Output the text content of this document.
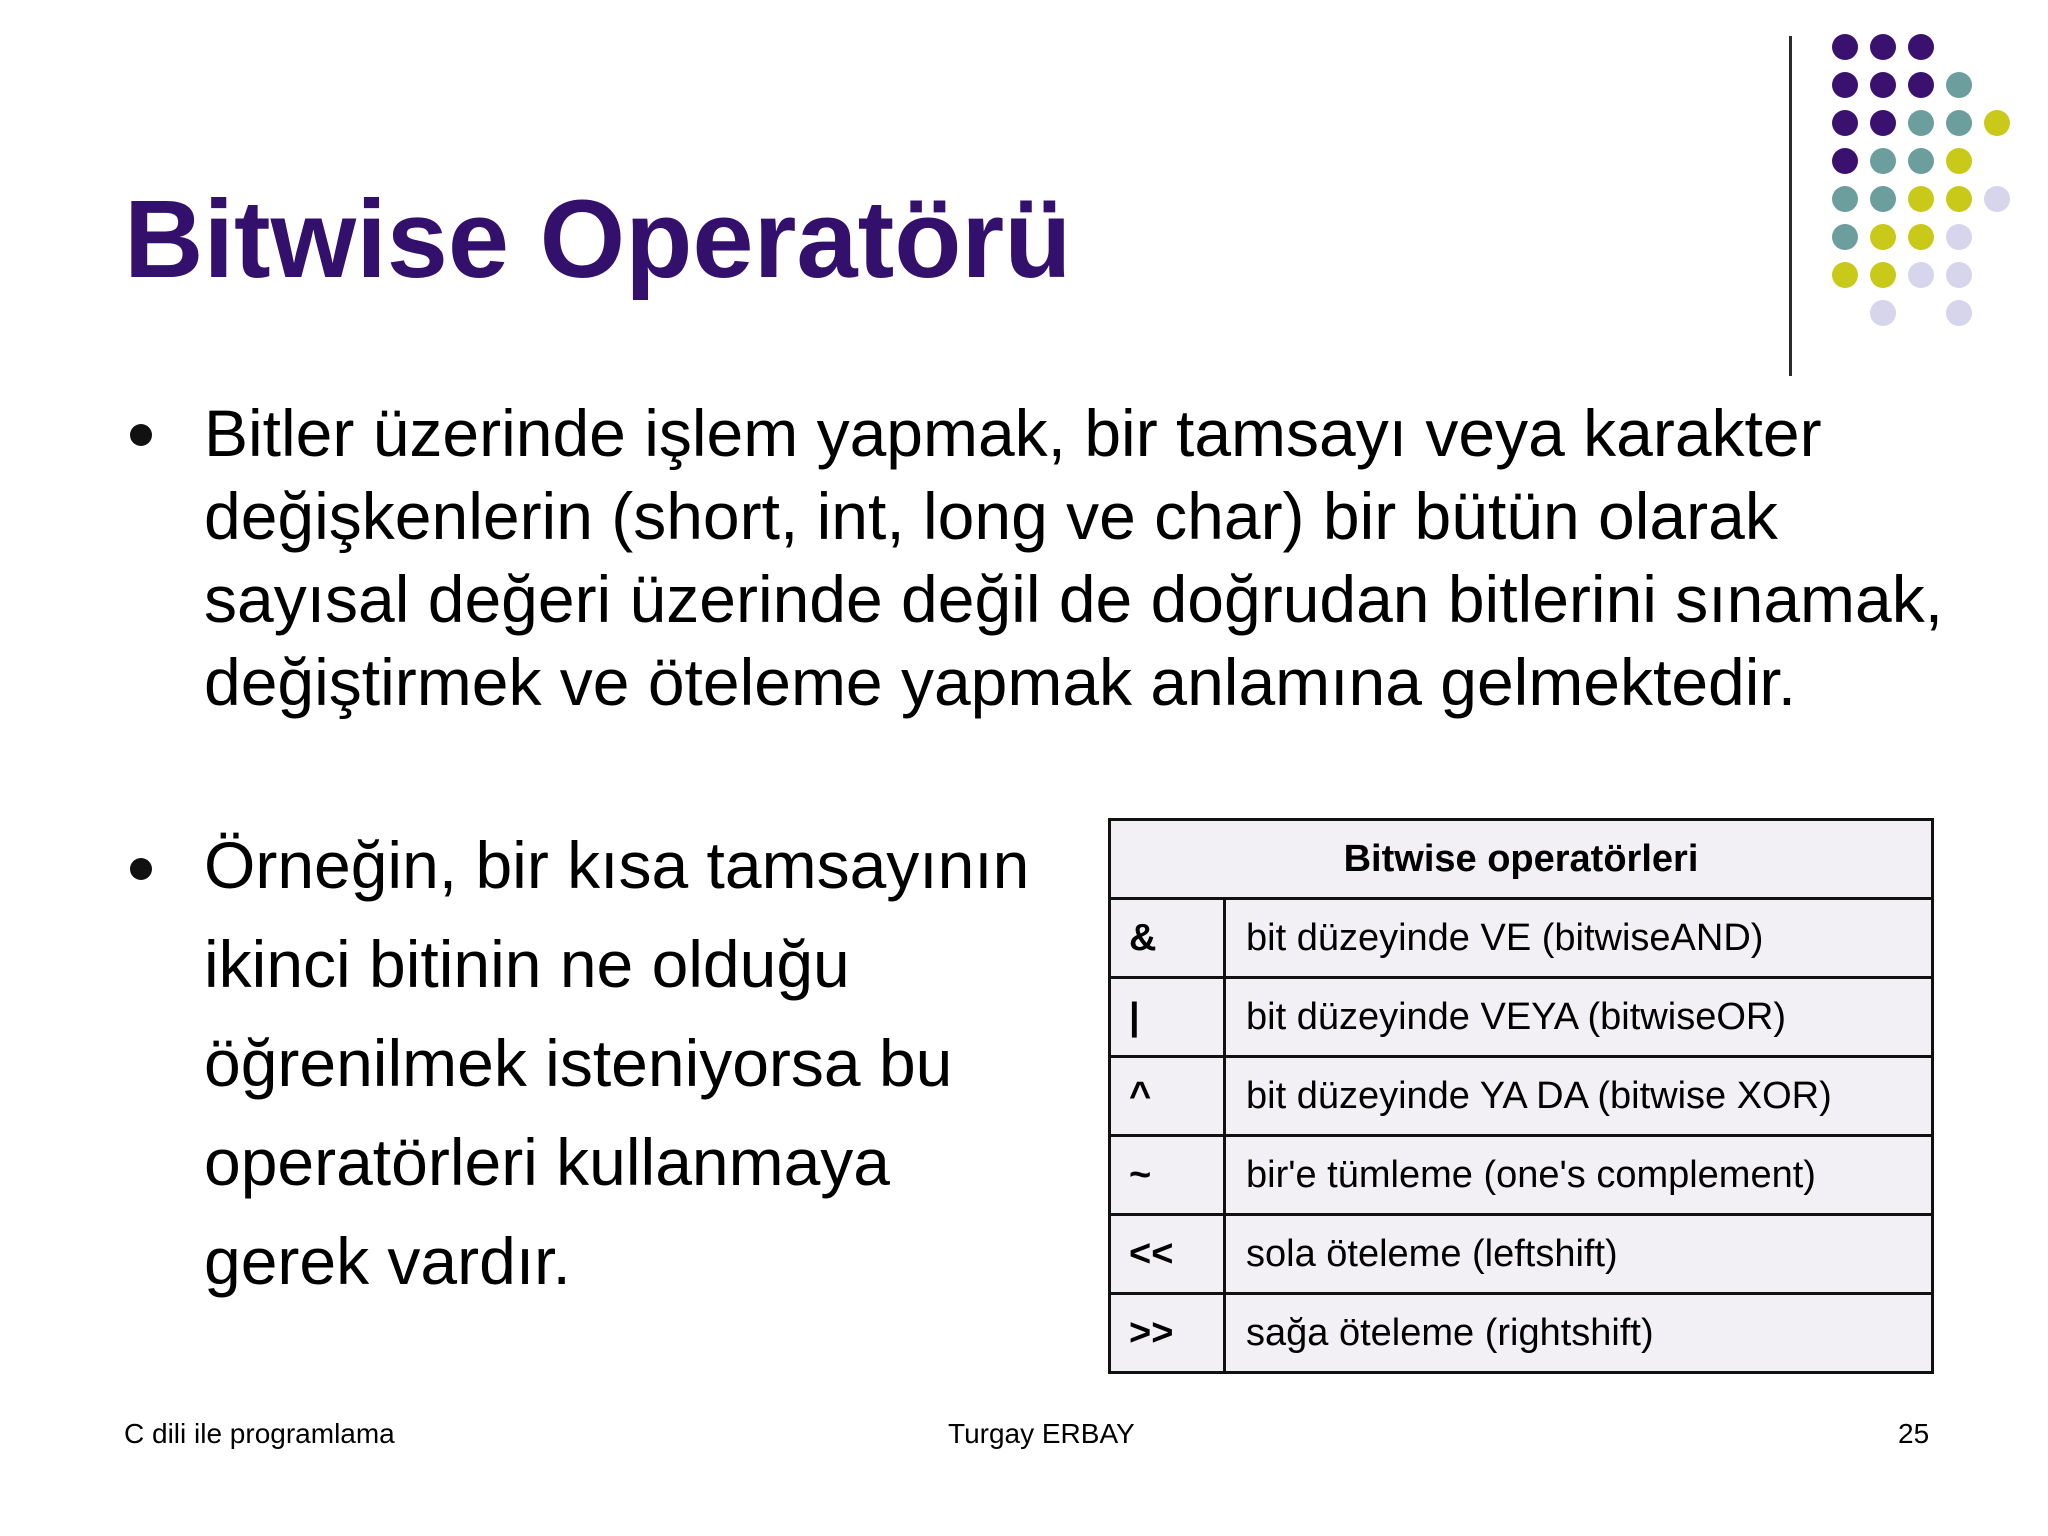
Bitwise Operatörü
Bitler üzerinde işlem yapmak, bir tamsayı veya karakter değişkenlerin (short, int, long ve char) bir bütün olarak sayısal değeri üzerinde değil de doğrudan bitlerini sınamak, değiştirmek ve öteleme yapmak anlamına gelmektedir.
Örneğin, bir kısa tamsayının
ikinci bitinin ne olduğu
öğrenilmek isteniyorsa bu
operatörleri kullanmaya
gerek vardır.
Bitwise operatörleri	
&	bit düzeyinde VE (bitwiseAND)
|	bit düzeyinde VEYA (bitwiseOR)
^	bit düzeyinde YA DA (bitwise XOR)
~	bir'e tümleme (one's complement)
<<	sola öteleme (leftshift)
>>	sağa öteleme (rightshift)
C dili ile programlama	Turgay ERBAY	25
